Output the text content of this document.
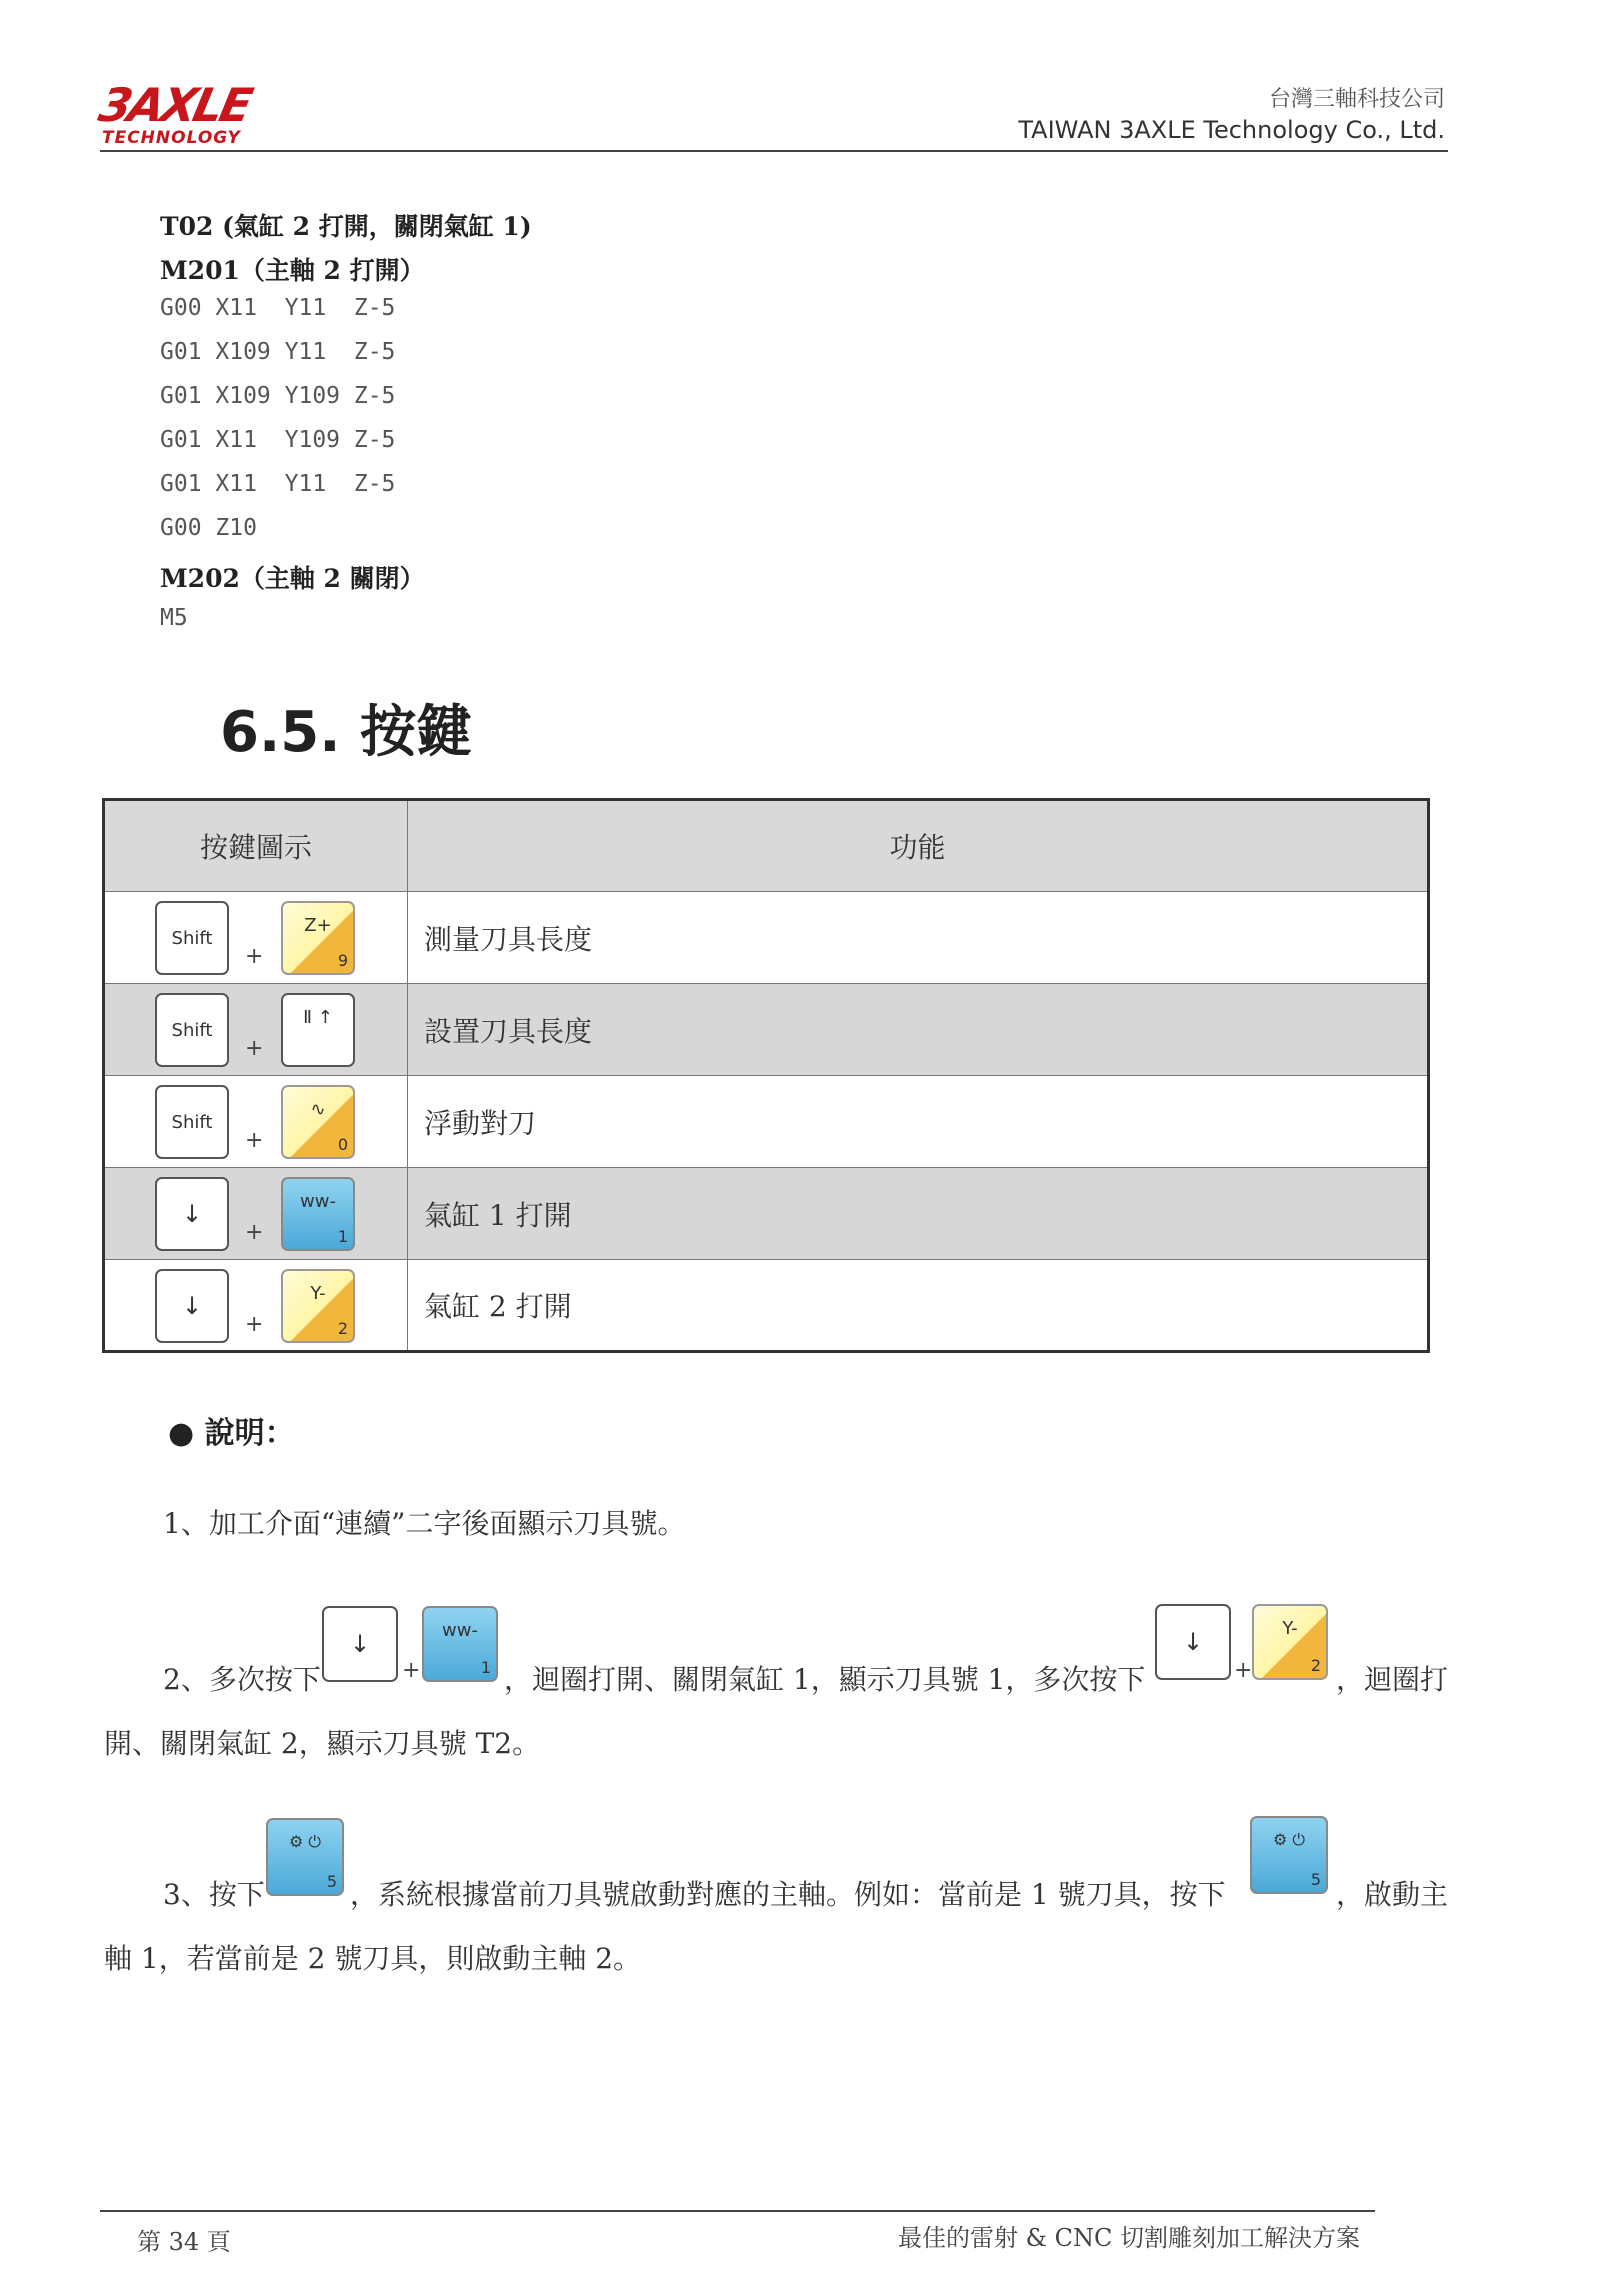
3AXLE
TECHNOLOGY
台灣三軸科技公司
TAIWAN 3AXLE Technology Co., Ltd.
T02 (氣缸 2 打開，關閉氣缸 1)
M201（主軸 2 打開）
G00 X11  Y11  Z-5
G01 X109 Y11  Z-5
G01 X109 Y109 Z-5
G01 X11  Y109 Z-5
G01 X11  Y11  Z-5
G00 Z10
M202（主軸 2 關閉）
M5
6.5. 按鍵
按鍵圖示	功能

Shift
+
Z+
9	測量刀具長度

Shift
+
Ⅱ ↑	設置刀具長度

Shift
+
∿
0	浮動對刀

↓
+
ᴡᴡ-
1	氣缸 1 打開

↓
+
Y-
2	氣缸 2 打開
● 說明：
1、加工介面“連續”二字後面顯示刀具號。
2、多次按下
↓
+
ᴡᴡ-
1 ，迴圈打開、關閉氣缸 1，顯示刀具號 1，多次按下
↓
+
Y-
2 ，迴圈打
開、關閉氣缸 2，顯示刀具號 T2。
3、按下
⚙ ⏻
5 ，系統根據當前刀具號啟動對應的主軸。例如：當前是 1 號刀具，按下
⚙ ⏻
5 ，啟動主
軸 1，若當前是 2 號刀具，則啟動主軸 2。
第 34 頁	最佳的雷射 & CNC 切割雕刻加工解決方案
